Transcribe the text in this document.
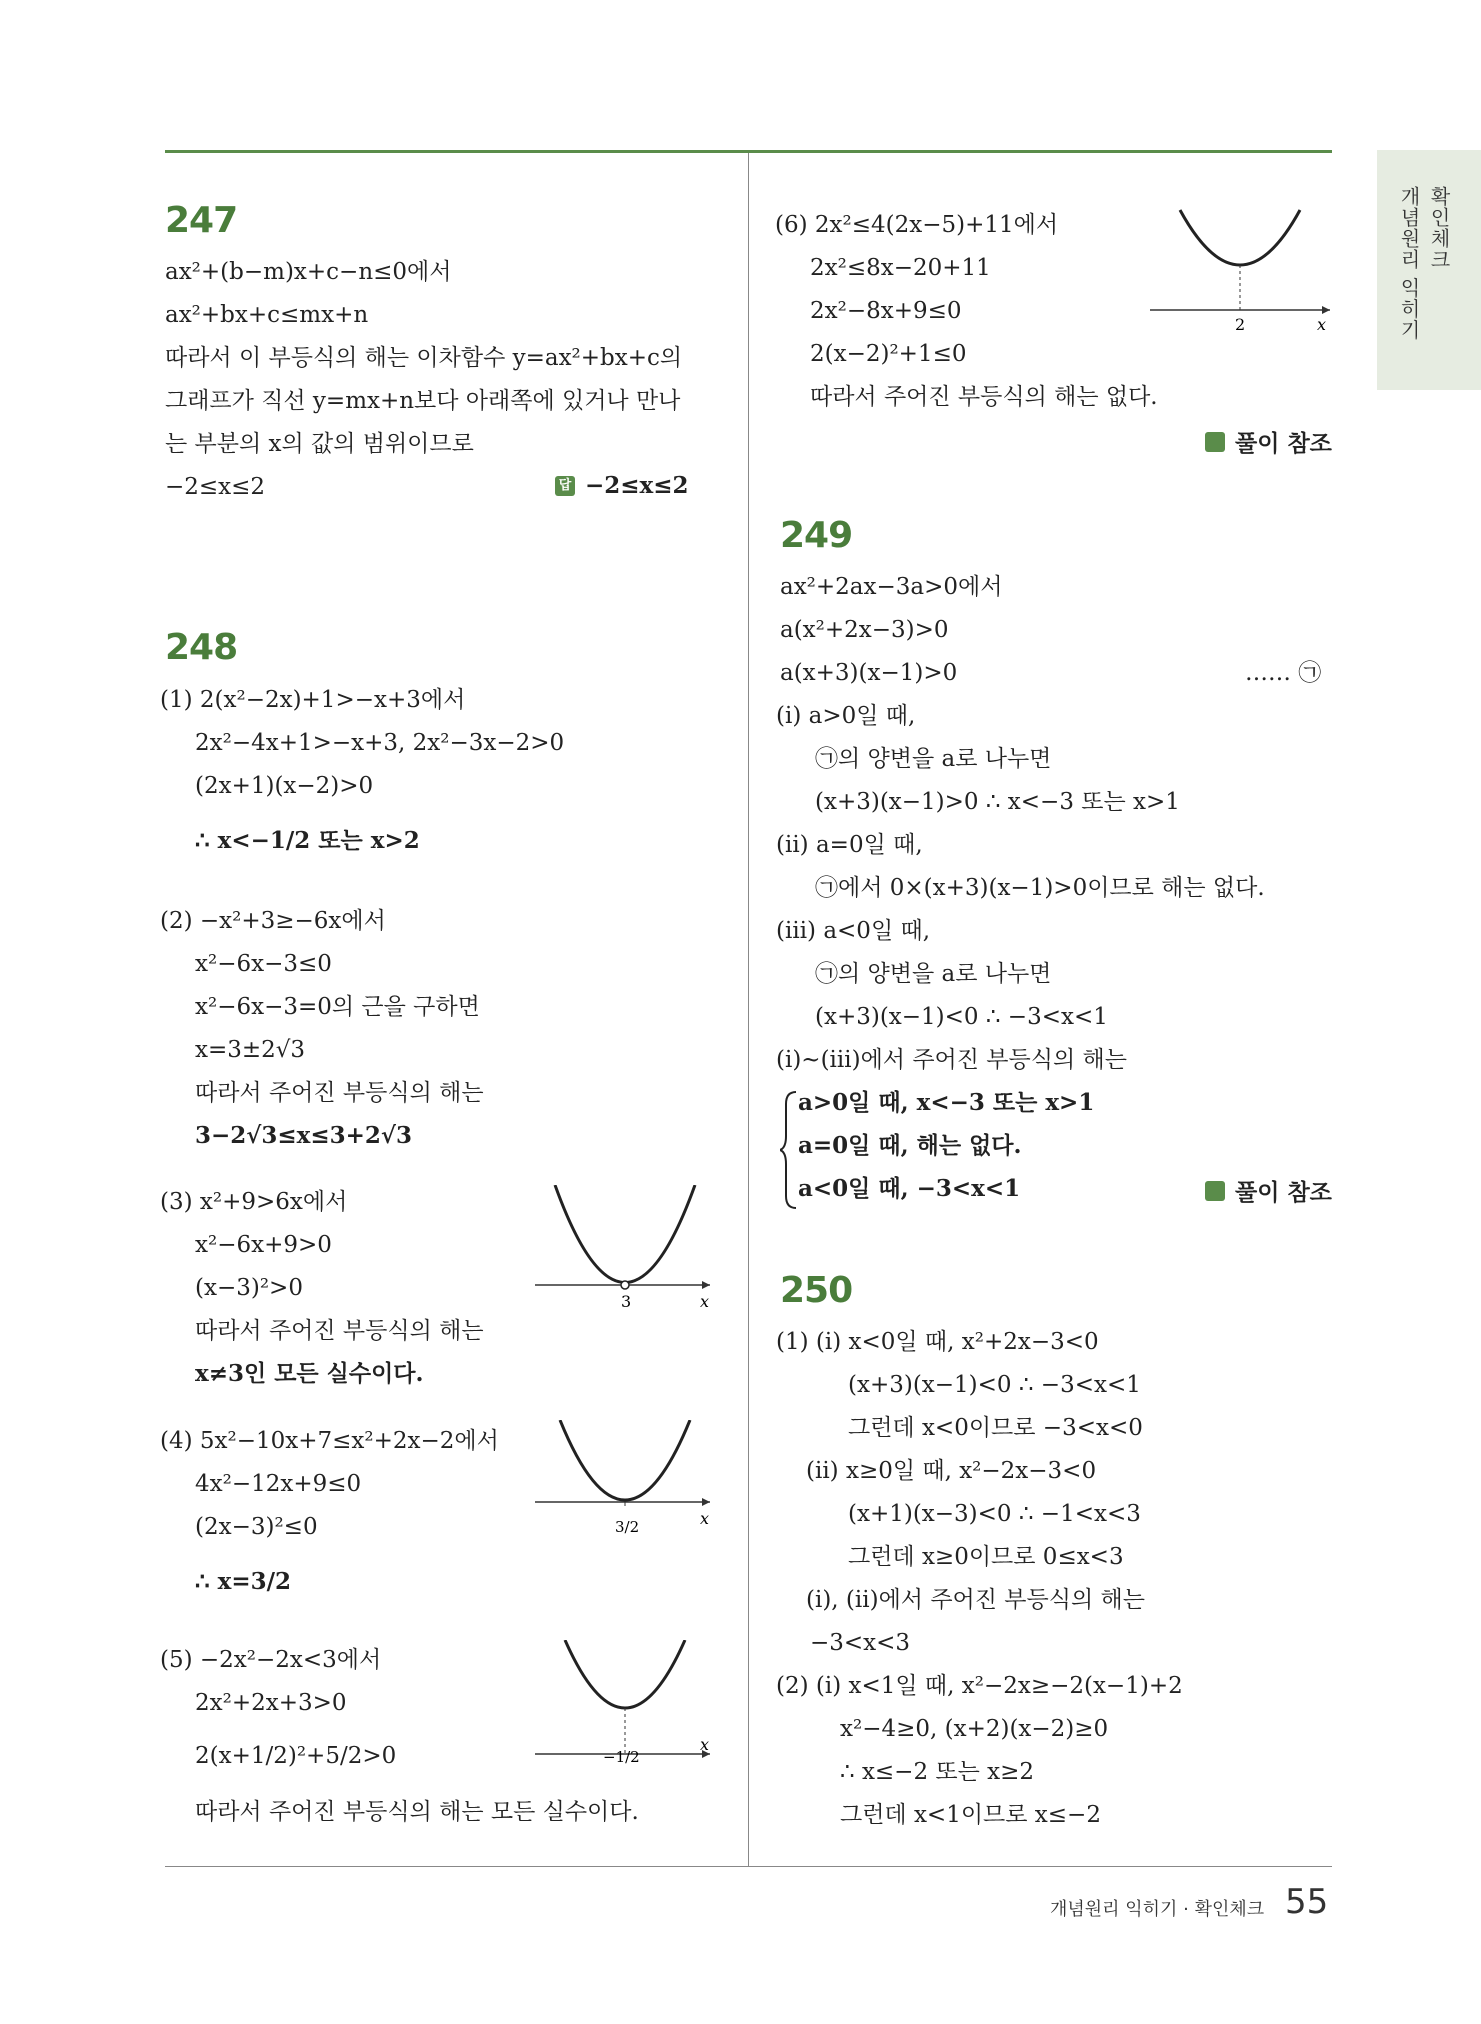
개념원리 익히기 확인체크
247
ax²+(b−m)x+c−n≤0에서
ax²+bx+c≤mx+n
따라서 이 부등식의 해는 이차함수 y=ax²+bx+c의
그래프가 직선 y=mx+n보다 아래쪽에 있거나 만나
는 부분의 x의 값의 범위이므로
−2≤x≤2	답 −2≤x≤2
248
(1) 2(x²−2x)+1>−x+3에서
2x²−4x+1>−x+3, 2x²−3x−2>0
(2x+1)(x−2)>0
∴ x<−1/2 또는 x>2
(2) −x²+3≥−6x에서
x²−6x−3≤0
x²−6x−3=0의 근을 구하면
x=3±2√3
따라서 주어진 부등식의 해는
3−2√3≤x≤3+2√3
(3) x²+9>6x에서
x²−6x+9>0
(x−3)²>0
따라서 주어진 부등식의 해는
x≠3인 모든 실수이다.
3	x
(4) 5x²−10x+7≤x²+2x−2에서
4x²−12x+9≤0
(2x−3)²≤0
∴ x=3/2
3/2	x
(5) −2x²−2x<3에서
2x²+2x+3>0
2(x+1/2)²+5/2>0
따라서 주어진 부등식의 해는 모든 실수이다.
−1/2
x
(6) 2x²≤4(2x−5)+11에서
2x²≤8x−20+11
2x²−8x+9≤0
2(x−2)²+1≤0
따라서 주어진 부등식의 해는 없다.
2	x
풀이 참조
249
ax²+2ax−3a>0에서
a(x²+2x−3)>0
a(x+3)(x−1)>0	…… ㉠
(ⅰ) a>0일 때,
㉠의 양변을 a로 나누면
(x+3)(x−1)>0 ∴ x<−3 또는 x>1
(ⅱ) a=0일 때,
㉠에서 0×(x+3)(x−1)>0이므로 해는 없다.
(ⅲ) a<0일 때,
㉠의 양변을 a로 나누면
(x+3)(x−1)<0 ∴ −3<x<1
(ⅰ)~(ⅲ)에서 주어진 부등식의 해는
a>0일 때, x<−3 또는 x>1
a=0일 때, 해는 없다.
a<0일 때, −3<x<1	풀이 참조
250
(1) (ⅰ) x<0일 때, x²+2x−3<0
(x+3)(x−1)<0 ∴ −3<x<1
그런데 x<0이므로 −3<x<0
(ⅱ) x≥0일 때, x²−2x−3<0
(x+1)(x−3)<0 ∴ −1<x<3
그런데 x≥0이므로 0≤x<3
(ⅰ), (ⅱ)에서 주어진 부등식의 해는
−3<x<3
(2) (ⅰ) x<1일 때, x²−2x≥−2(x−1)+2
x²−4≥0, (x+2)(x−2)≥0
∴ x≤−2 또는 x≥2
그런데 x<1이므로 x≤−2
개념원리 익히기 · 확인체크 55
